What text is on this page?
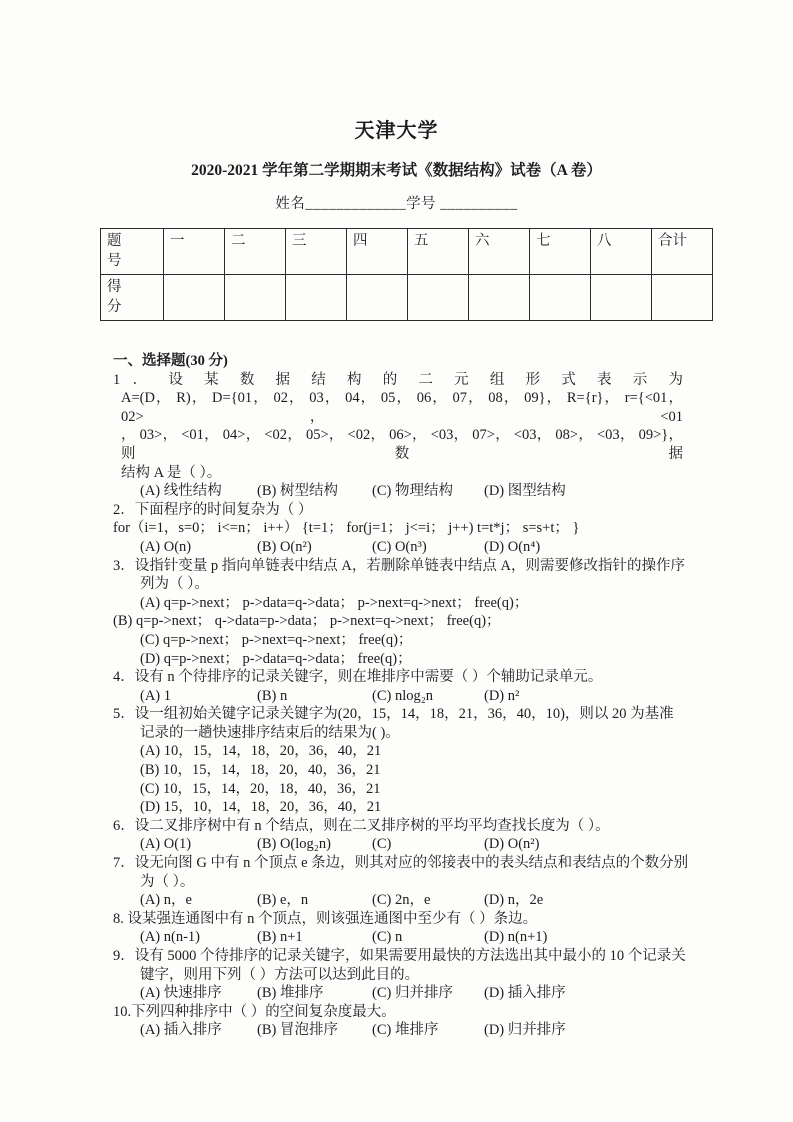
天津大学
2020-2021 学年第二学期期末考试《数据结构》试卷（A 卷）
姓名_____________学号 __________
题号	一	二	三	四	五	六	七	八	合计
得分									
一、选择题(30 分)
1 ． 设 某 数 据 结 构 的 二 元 组 形 式 表 示 为
A=(D， R)， D={01， 02， 03， 04， 05， 06， 07， 08， 09}， R={r}， r={<01， 02>， <01
， 03>， <01， 04>， <02， 05>， <02， 06>， <03， 07>， <03， 08>， <03， 09>}， 则数据
结构 A 是（ ）。
(A) 线性结构	(B) 树型结构	(C) 物理结构	(D) 图型结构
2．下面程序的时间复杂为（ ）
for（i=1，s=0； i<=n； i++） {t=1； for(j=1； j<=i； j++) t=t*j； s=s+t； }
(A) O(n)	(B) O(n²)	(C) O(n³)	(D) O(n⁴)
3．设指针变量 p 指向单链表中结点 A，若删除单链表中结点 A，则需要修改指针的操作序
列为（ ）。
(A) q=p->next； p->data=q->data； p->next=q->next； free(q)；
(B) q=p->next； q->data=p->data； p->next=q->next； free(q)；
(C) q=p->next； p->next=q->next； free(q)；
(D) q=p->next； p->data=q->data； free(q)；
4．设有 n 个待排序的记录关键字，则在堆排序中需要（ ）个辅助记录单元。
(A) 1	(B) n	(C) nlog₂n	(D) n²
5．设一组初始关键字记录关键字为(20，15，14，18，21，36，40，10)，则以 20 为基准
记录的一趟快速排序结束后的结果为( )。
(A) 10，15，14，18，20，36，40，21
(B) 10，15，14，18，20，40，36，21
(C) 10，15，14，20，18，40，36，21
(D) 15，10，14，18，20，36，40，21
6．设二叉排序树中有 n 个结点，则在二叉排序树的平均平均查找长度为（ ）。
(A) O(1)	(B) O(log₂n)	(C)	(D) O(n²)
7．设无向图 G 中有 n 个顶点 e 条边，则其对应的邻接表中的表头结点和表结点的个数分别
为（ ）。
(A) n，e	(B) e，n	(C) 2n，e	(D) n，2e
8. 设某强连通图中有 n 个顶点，则该强连通图中至少有（ ）条边。
(A) n(n-1)	(B) n+1	(C) n	(D) n(n+1)
9．设有 5000 个待排序的记录关键字，如果需要用最快的方法选出其中最小的 10 个记录关
键字，则用下列（ ）方法可以达到此目的。
(A) 快速排序	(B) 堆排序	(C) 归并排序	(D) 插入排序
10.下列四种排序中（ ）的空间复杂度最大。
(A) 插入排序	(B) 冒泡排序	(C) 堆排序	(D) 归并排序
